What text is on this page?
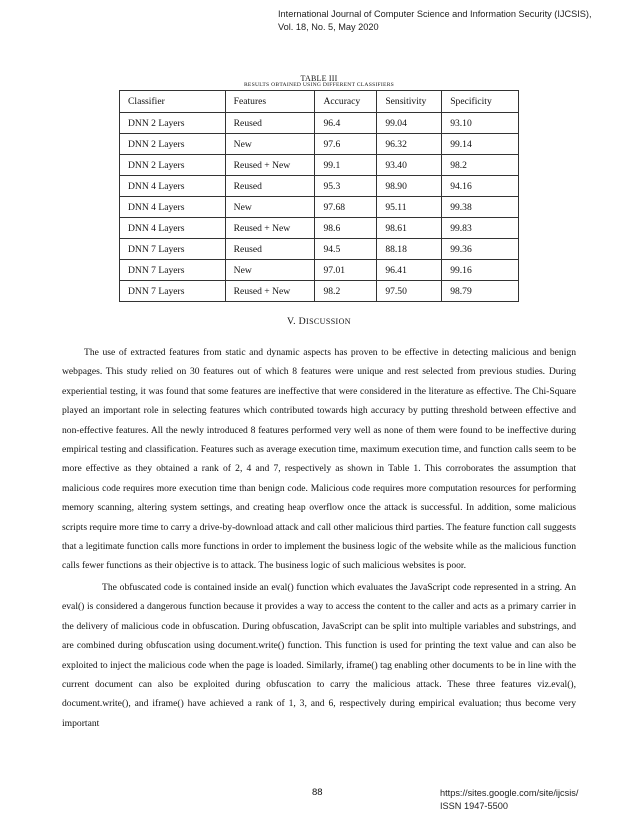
International Journal of Computer Science and Information Security (IJCSIS),
Vol. 18, No. 5, May 2020
TABLE III
RESULTS OBTAINED USING DIFFERENT CLASSIFIERS
Classifier	Features	Accuracy	Sensitivity	Specificity
DNN 2 Layers	Reused	96.4	99.04	93.10
DNN 2 Layers	New	97.6	96.32	99.14
DNN 2 Layers	Reused + New	99.1	93.40	98.2
DNN 4 Layers	Reused	95.3	98.90	94.16
DNN 4 Layers	New	97.68	95.11	99.38
DNN 4 Layers	Reused + New	98.6	98.61	99.83
DNN 7 Layers	Reused	94.5	88.18	99.36
DNN 7 Layers	New	97.01	96.41	99.16
DNN 7 Layers	Reused + New	98.2	97.50	98.79
V. DISCUSSION

The use of extracted features from static and dynamic aspects has proven to be effective in detecting malicious and benign webpages. This study relied on 30 features out of which 8 features were unique and rest selected from previous studies. During experiential testing, it was found that some features are ineffective that were considered in the literature as effective. The Chi-Square played an important role in selecting features which contributed towards high accuracy by putting threshold between effective and non-effective features. All the newly introduced 8 features performed very well as none of them were found to be ineffective during empirical testing and classification. Features such as average execution time, maximum execution time, and function calls seem to be more effective as they obtained a rank of 2, 4 and 7, respectively as shown in Table 1. This corroborates the assumption that malicious code requires more execution time than benign code. Malicious code requires more computation resources for performing memory scanning, altering system settings, and creating heap overflow once the attack is successful. In addition, some malicious scripts require more time to carry a drive-by-download attack and call other malicious third parties. The feature function call suggests that a legitimate function calls more functions in order to implement the business logic of the website while as the malicious function calls fewer functions as their objective is to attack. The business logic of such malicious websites is poor.

The obfuscated code is contained inside an eval() function which evaluates the JavaScript code represented in a string. An eval() is considered a dangerous function because it provides a way to access the content to the caller and acts as a primary carrier in the delivery of malicious code in obfuscation. During obfuscation, JavaScript can be split into multiple variables and substrings, and are combined during obfuscation using document.write() function. This function is used for printing the text value and can also be exploited to inject the malicious code when the page is loaded. Similarly, iframe() tag enabling other documents to be in line with the current document can also be exploited during obfuscation to carry the malicious attack. These three features viz.eval(), document.write(), and iframe() have achieved a rank of 1, 3, and 6, respectively during empirical evaluation; thus become very important

88	https://sites.google.com/site/ijcsis/
ISSN 1947-5500
